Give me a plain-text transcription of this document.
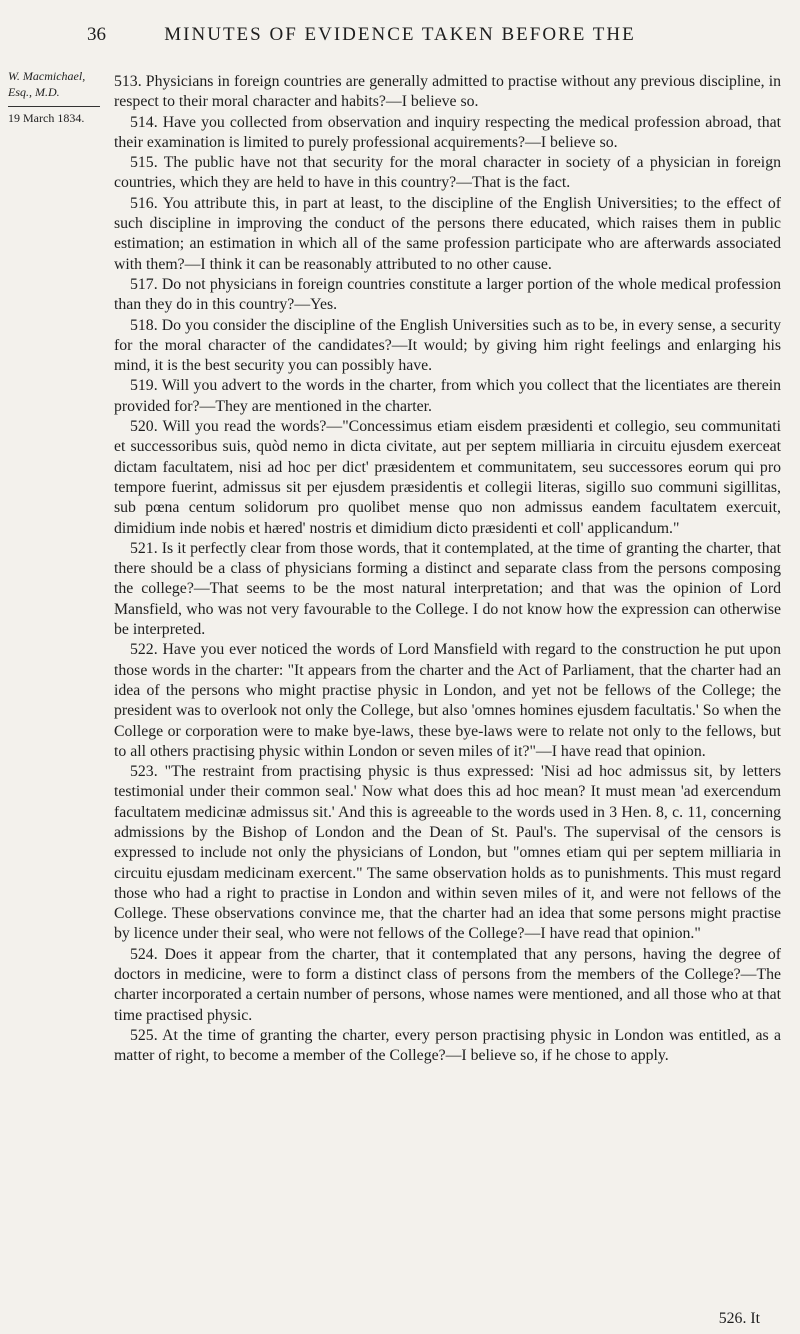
36	MINUTES OF EVIDENCE TAKEN BEFORE THE
W. Macmichael,
Esq., M.D.
19 March 1834.

513. Physicians in foreign countries are generally admitted to practise without any previous discipline, in respect to their moral character and habits?—I believe so.

514. Have you collected from observation and inquiry respecting the medical profession abroad, that their examination is limited to purely professional acquirements?—I believe so.

515. The public have not that security for the moral character in society of a physician in foreign countries, which they are held to have in this country?—That is the fact.

516. You attribute this, in part at least, to the discipline of the English Universities; to the effect of such discipline in improving the conduct of the persons there educated, which raises them in public estimation; an estimation in which all of the same profession participate who are afterwards associated with them?—I think it can be reasonably attributed to no other cause.

517. Do not physicians in foreign countries constitute a larger portion of the whole medical profession than they do in this country?—Yes.

518. Do you consider the discipline of the English Universities such as to be, in every sense, a security for the moral character of the candidates?—It would; by giving him right feelings and enlarging his mind, it is the best security you can possibly have.

519. Will you advert to the words in the charter, from which you collect that the licentiates are therein provided for?—They are mentioned in the charter.

520. Will you read the words?—"Concessimus etiam eisdem præsidenti et collegio, seu communitati et successoribus suis, quòd nemo in dicta civitate, aut per septem milliaria in circuitu ejusdem exerceat dictam facultatem, nisi ad hoc per dict' præsidentem et communitatem, seu successores eorum qui pro tempore fuerint, admissus sit per ejusdem præsidentis et collegii literas, sigillo suo communi sigillitas, sub pœna centum solidorum pro quolibet mense quo non admissus eandem facultatem exercuit, dimidium inde nobis et hæred' nostris et dimidium dicto præsidenti et coll' applicandum."

521. Is it perfectly clear from those words, that it contemplated, at the time of granting the charter, that there should be a class of physicians forming a distinct and separate class from the persons composing the college?—That seems to be the most natural interpretation; and that was the opinion of Lord Mansfield, who was not very favourable to the College. I do not know how the expression can otherwise be interpreted.

522. Have you ever noticed the words of Lord Mansfield with regard to the construction he put upon those words in the charter: "It appears from the charter and the Act of Parliament, that the charter had an idea of the persons who might practise physic in London, and yet not be fellows of the College; the president was to overlook not only the College, but also 'omnes homines ejusdem facultatis.' So when the College or corporation were to make bye-laws, these bye-laws were to relate not only to the fellows, but to all others practising physic within London or seven miles of it?"—I have read that opinion.

523. "The restraint from practising physic is thus expressed: 'Nisi ad hoc admissus sit, by letters testimonial under their common seal.' Now what does this ad hoc mean? It must mean 'ad exercendum facultatem medicinæ admissus sit.' And this is agreeable to the words used in 3 Hen. 8, c. 11, concerning admissions by the Bishop of London and the Dean of St. Paul's. The supervisal of the censors is expressed to include not only the physicians of London, but "omnes etiam qui per septem milliaria in circuitu ejusdam medicinam exercent." The same observation holds as to punishments. This must regard those who had a right to practise in London and within seven miles of it, and were not fellows of the College. These observations convince me, that the charter had an idea that some persons might practise by licence under their seal, who were not fellows of the College?—I have read that opinion."

524. Does it appear from the charter, that it contemplated that any persons, having the degree of doctors in medicine, were to form a distinct class of persons from the members of the College?—The charter incorporated a certain number of persons, whose names were mentioned, and all those who at that time practised physic.

525. At the time of granting the charter, every person practising physic in London was entitled, as a matter of right, to become a member of the College?—I believe so, if he chose to apply.

526. It
